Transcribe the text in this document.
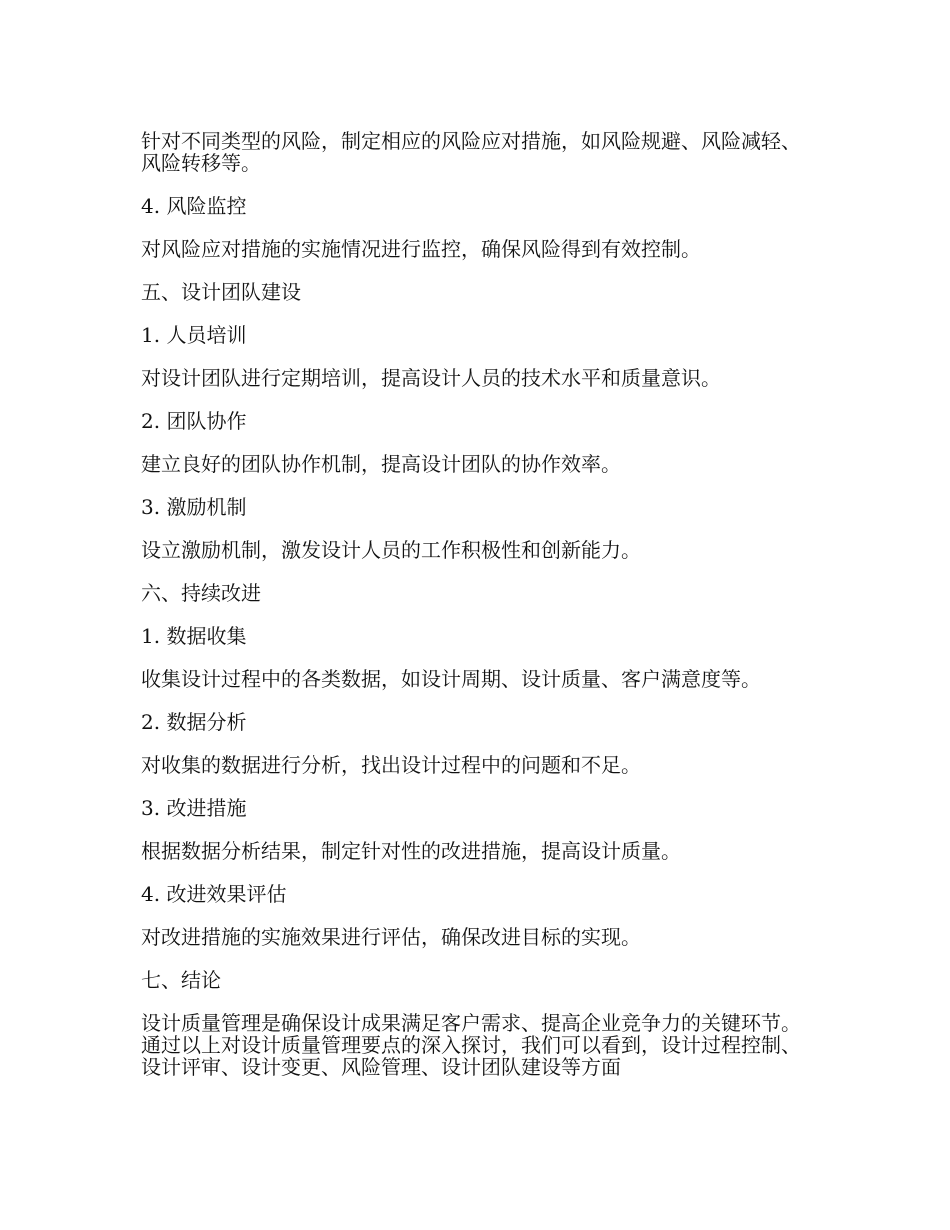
针对不同类型的风险，制定相应的风险应对措施，如风险规避、风险减轻、风险转移等。

4. 风险监控

对风险应对措施的实施情况进行监控，确保风险得到有效控制。

五、设计团队建设

1. 人员培训

对设计团队进行定期培训，提高设计人员的技术水平和质量意识。

2. 团队协作

建立良好的团队协作机制，提高设计团队的协作效率。

3. 激励机制

设立激励机制，激发设计人员的工作积极性和创新能力。

六、持续改进

1. 数据收集

收集设计过程中的各类数据，如设计周期、设计质量、客户满意度等。

2. 数据分析

对收集的数据进行分析，找出设计过程中的问题和不足。

3. 改进措施

根据数据分析结果，制定针对性的改进措施，提高设计质量。

4. 改进效果评估

对改进措施的实施效果进行评估，确保改进目标的实现。

七、结论

设计质量管理是确保设计成果满足客户需求、提高企业竞争力的关键环节。通过以上对设计质量管理要点的深入探讨，我们可以看到，设计过程控制、设计评审、设计变更、风险管理、设计团队建设等方面
